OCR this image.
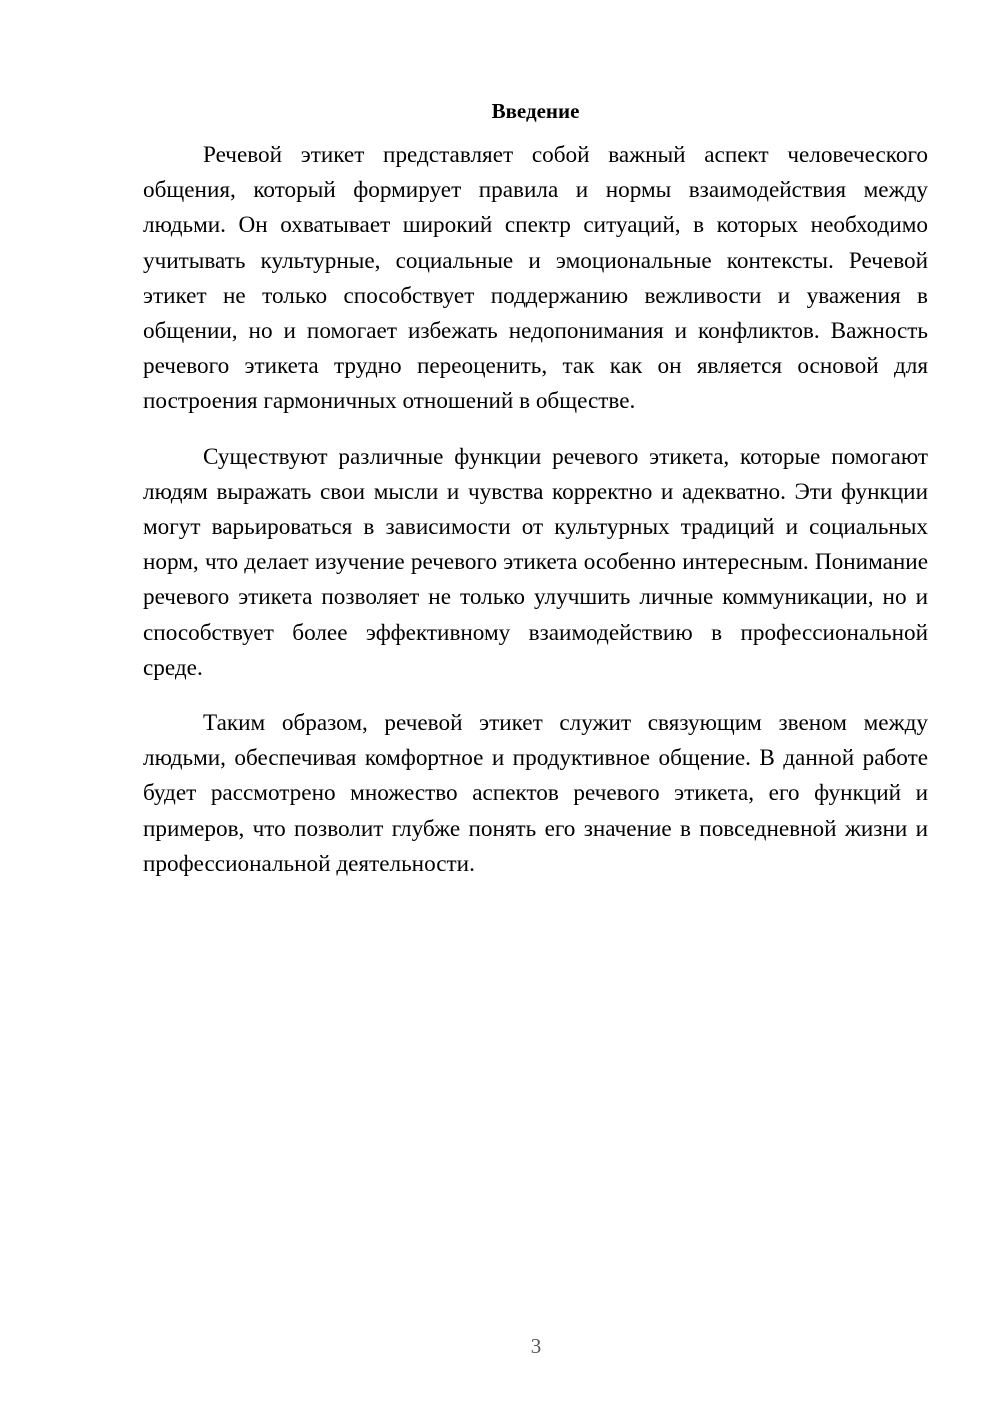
Введение

Речевой этикет представляет собой важный аспект человеческого общения, который формирует правила и нормы взаимодействия между людьми. Он охватывает широкий спектр ситуаций, в которых необходимо учитывать культурные, социальные и эмоциональные контексты. Речевой этикет не только способствует поддержанию вежливости и уважения в общении, но и помогает избежать недопонимания и конфликтов. Важность речевого этикета трудно переоценить, так как он является основой для построения гармоничных отношений в обществе.

Существуют различные функции речевого этикета, которые помогают людям выражать свои мысли и чувства корректно и адекватно. Эти функции могут варьироваться в зависимости от культурных традиций и социальных норм, что делает изучение речевого этикета особенно интересным. Понимание речевого этикета позволяет не только улучшить личные коммуникации, но и способствует более эффективному взаимодействию в профессиональной среде.

Таким образом, речевой этикет служит связующим звеном между людьми, обеспечивая комфортное и продуктивное общение. В данной работе будет рассмотрено множество аспектов речевого этикета, его функций и примеров, что позволит глубже понять его значение в повседневной жизни и профессиональной деятельности.

3
